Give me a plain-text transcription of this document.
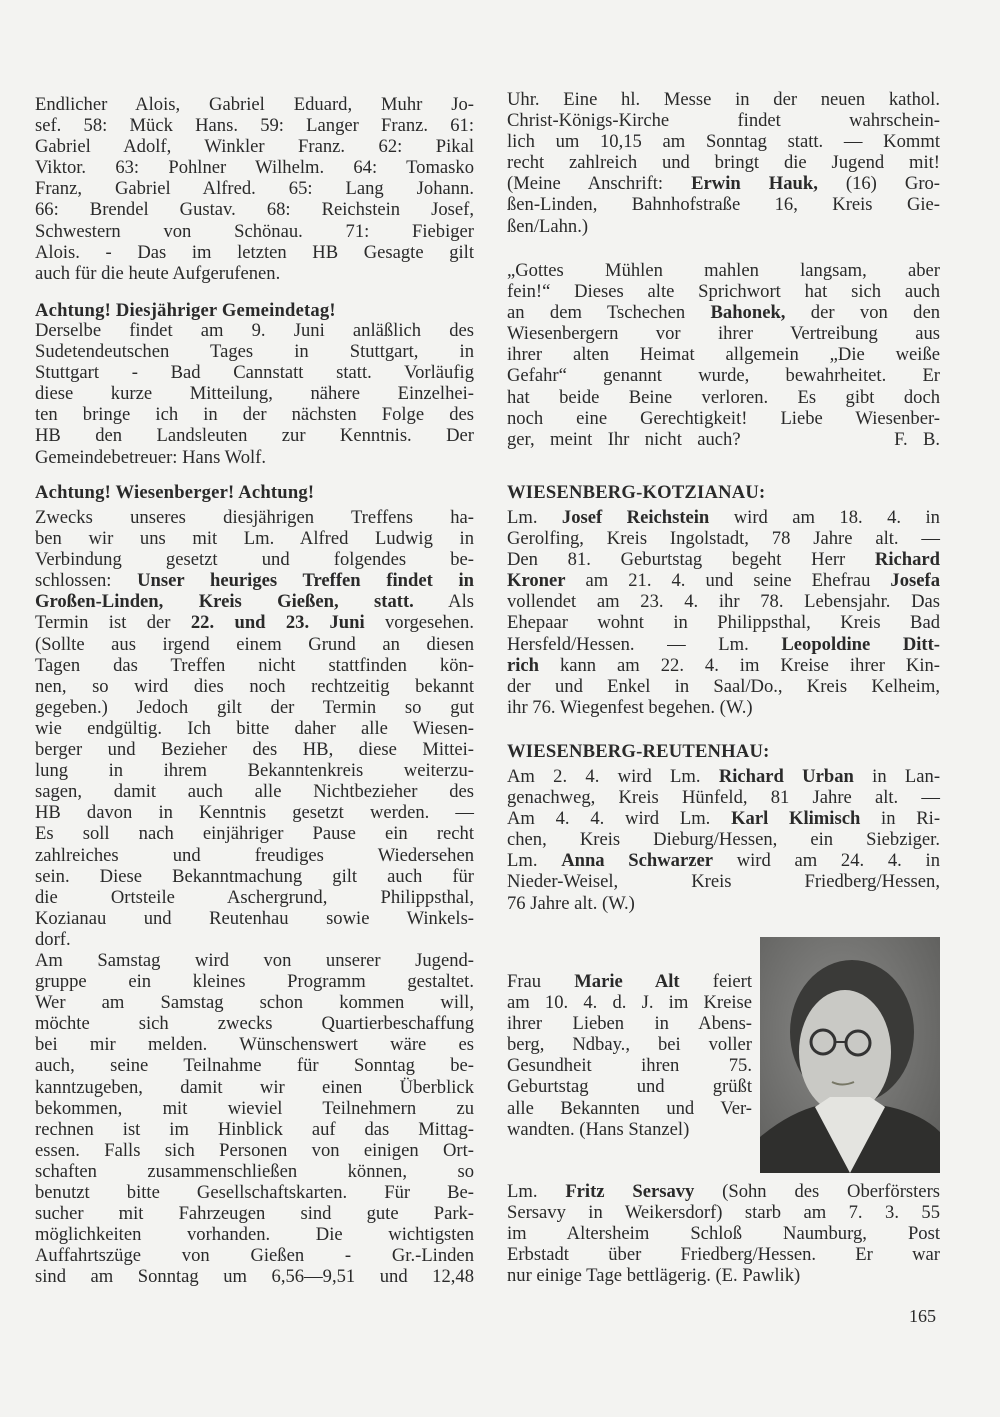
Endlicher Alois, Gabriel Eduard, Muhr Jo-
sef. 58: Mück Hans. 59: Langer Franz. 61:
Gabriel Adolf, Winkler Franz. 62: Pikal
Viktor. 63: Pohlner Wilhelm. 64: Tomasko
Franz, Gabriel Alfred. 65: Lang Johann.
66: Brendel Gustav. 68: Reichstein Josef,
Schwestern von Schönau. 71: Fiebiger
Alois. - Das im letzten HB Gesagte gilt
auch für die heute Aufgerufenen.
Achtung! Diesjähriger Gemeindetag!
Derselbe findet am 9. Juni anläßlich des
Sudetendeutschen Tages in Stuttgart, in
Stuttgart - Bad Cannstatt statt. Vorläufig
diese kurze Mitteilung, nähere Einzelhei-
ten bringe ich in der nächsten Folge des
HB den Landsleuten zur Kenntnis. Der
Gemeindebetreuer: Hans Wolf.
Achtung! Wiesenberger! Achtung!
Zwecks unseres diesjährigen Treffens ha-
ben wir uns mit Lm. Alfred Ludwig in
Verbindung gesetzt und folgendes be-
schlossen: Unser heuriges Treffen findet in
Großen-Linden, Kreis Gießen, statt. Als
Termin ist der 22. und 23. Juni vorgesehen.
(Sollte aus irgend einem Grund an diesen
Tagen das Treffen nicht stattfinden kön-
nen, so wird dies noch rechtzeitig bekannt
gegeben.) Jedoch gilt der Termin so gut
wie endgültig. Ich bitte daher alle Wiesen-
berger und Bezieher des HB, diese Mittei-
lung in ihrem Bekanntenkreis weiterzu-
sagen, damit auch alle Nichtbezieher des
HB davon in Kenntnis gesetzt werden. —
Es soll nach einjähriger Pause ein recht
zahlreiches und freudiges Wiedersehen
sein. Diese Bekanntmachung gilt auch für
die Ortsteile Aschergrund, Philippsthal,
Kozianau und Reutenhau sowie Winkels-
dorf.
Am Samstag wird von unserer Jugend-
gruppe ein kleines Programm gestaltet.
Wer am Samstag schon kommen will,
möchte sich zwecks Quartierbeschaffung
bei mir melden. Wünschenswert wäre es
auch, seine Teilnahme für Sonntag be-
kanntzugeben, damit wir einen Überblick
bekommen, mit wieviel Teilnehmern zu
rechnen ist im Hinblick auf das Mittag-
essen. Falls sich Personen von einigen Ort-
schaften zusammenschließen können, so
benutzt bitte Gesellschaftskarten. Für Be-
sucher mit Fahrzeugen sind gute Park-
möglichkeiten vorhanden. Die wichtigsten
Auffahrtszüge von Gießen - Gr.-Linden
sind am Sonntag um 6,56—9,51 und 12,48
Uhr. Eine hl. Messe in der neuen kathol.
Christ-Königs-Kirche findet wahrschein-
lich um 10,15 am Sonntag statt. — Kommt
recht zahlreich und bringt die Jugend mit!
(Meine Anschrift: Erwin Hauk, (16) Gro-
ßen-Linden, Bahnhofstraße 16, Kreis Gie-
ßen/Lahn.)
„Gottes Mühlen mahlen langsam, aber
fein!“ Dieses alte Sprichwort hat sich auch
an dem Tschechen Bahonek, der von den
Wiesenbergern vor ihrer Vertreibung aus
ihrer alten Heimat allgemein „Die weiße
Gefahr“ genannt wurde, bewahrheitet. Er
hat beide Beine verloren. Es gibt doch
noch eine Gerechtigkeit! Liebe Wiesenber-
ger, meint Ihr nicht auch?	F. B.
WIESENBERG-KOTZIANAU:
Lm. Josef Reichstein wird am 18. 4. in
Gerolfing, Kreis Ingolstadt, 78 Jahre alt. —
Den 81. Geburtstag begeht Herr Richard
Kroner am 21. 4. und seine Ehefrau Josefa
vollendet am 23. 4. ihr 78. Lebensjahr. Das
Ehepaar wohnt in Philippsthal, Kreis Bad
Hersfeld/Hessen. — Lm. Leopoldine Ditt-
rich kann am 22. 4. im Kreise ihrer Kin-
der und Enkel in Saal/Do., Kreis Kelheim,
ihr 76. Wiegenfest begehen. (W.)
WIESENBERG-REUTENHAU:
Am 2. 4. wird Lm. Richard Urban in Lan-
genachweg, Kreis Hünfeld, 81 Jahre alt. —
Am 4. 4. wird Lm. Karl Klimisch in Ri-
chen, Kreis Dieburg/Hessen, ein Siebziger.
Lm. Anna Schwarzer wird am 24. 4. in
Nieder-Weisel, Kreis Friedberg/Hessen,
76 Jahre alt. (W.)
Frau Marie Alt feiert
am 10. 4. d. J. im Kreise
ihrer Lieben in Abens-
berg, Ndbay., bei voller
Gesundheit ihren 75.
Geburtstag und grüßt
alle Bekannten und Ver-
wandten. (Hans Stanzel)
Lm. Fritz Sersavy (Sohn des Oberförsters
Sersavy in Weikersdorf) starb am 7. 3. 55
im Altersheim Schloß Naumburg, Post
Erbstadt über Friedberg/Hessen. Er war
nur einige Tage bettlägerig. (E. Pawlik)
165
